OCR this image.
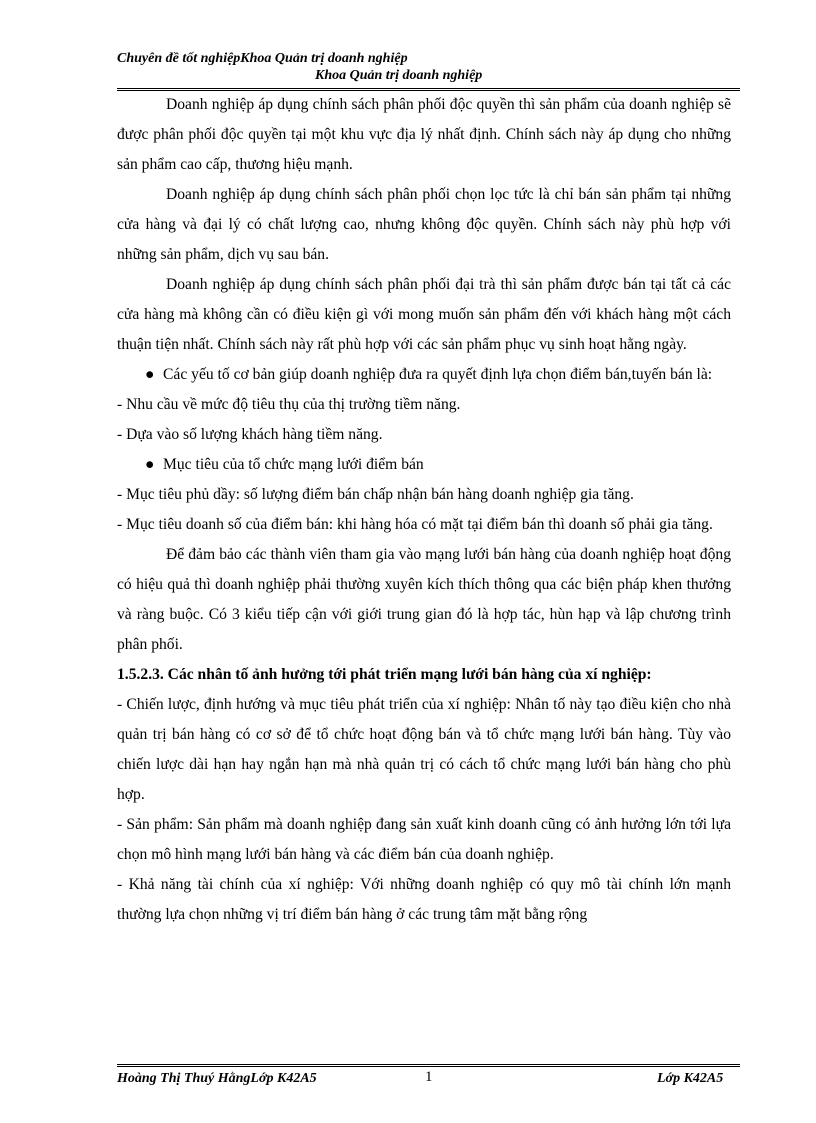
Chuyên đề tốt nghiệpKhoa Quản trị doanh nghiệp
Khoa Quản trị doanh nghiệp

Doanh nghiệp áp dụng chính sách phân phối độc quyền thì sản phẩm của doanh nghiệp sẽ được phân phối độc quyền tại một khu vực địa lý nhất định. Chính sách này áp dụng cho những sản phẩm cao cấp, thương hiệu mạnh.

Doanh nghiệp áp dụng chính sách phân phối chọn lọc tức là chỉ bán sản phẩm tại những cửa hàng và đại lý có chất lượng cao, nhưng không độc quyền. Chính sách này phù hợp với những sản phẩm, dịch vụ sau bán.

Doanh nghiệp áp dụng chính sách phân phối đại trà thì sản phẩm được bán tại tất cả các cửa hàng mà không cần có điều kiện gì với mong muốn sản phẩm đến với khách hàng một cách thuận tiện nhất. Chính sách này rất phù hợp với các sản phẩm phục vụ sinh hoạt hằng ngày.

● Các yếu tố cơ bản giúp doanh nghiệp đưa ra quyết định lựa chọn điểm bán,tuyến bán là:

- Nhu cầu về mức độ tiêu thụ của thị trường tiềm năng.

- Dựa vào số lượng khách hàng tiềm năng.

● Mục tiêu của tổ chức mạng lưới điểm bán

- Mục tiêu phủ dầy: số lượng điểm bán chấp nhận bán hàng doanh nghiệp gia tăng.

- Mục tiêu doanh số của điểm bán: khi hàng hóa có mặt tại điểm bán thì doanh số phải gia tăng.

Để đảm bảo các thành viên tham gia vào mạng lưới bán hàng của doanh nghiệp hoạt động có hiệu quả thì doanh nghiệp phải thường xuyên kích thích thông qua các biện pháp khen thưởng và ràng buộc. Có 3 kiểu tiếp cận với giới trung gian đó là hợp tác, hùn hạp và lập chương trình phân phối.

1.5.2.3. Các nhân tố ảnh hưởng tới phát triển mạng lưới bán hàng của xí nghiệp:

- Chiến lược, định hướng và mục tiêu phát triển của xí nghiệp: Nhân tố này tạo điều kiện cho nhà quản trị bán hàng có cơ sở để tổ chức hoạt động bán và tổ chức mạng lưới bán hàng. Tùy vào chiến lược dài hạn hay ngắn hạn mà nhà quản trị có cách tổ chức mạng lưới bán hàng cho phù hợp.

- Sản phẩm: Sản phẩm mà doanh nghiệp đang sản xuất kinh doanh cũng có ảnh hưởng lớn tới lựa chọn mô hình mạng lưới bán hàng và các điểm bán của doanh nghiệp.

- Khả năng tài chính của xí nghiệp: Với những doanh nghiệp có quy mô tài chính lớn mạnh thường lựa chọn những vị trí điểm bán hàng ở các trung tâm mặt bằng rộng

Hoàng Thị Thuý HằngLớp K42A5	1	Lớp K42A5
